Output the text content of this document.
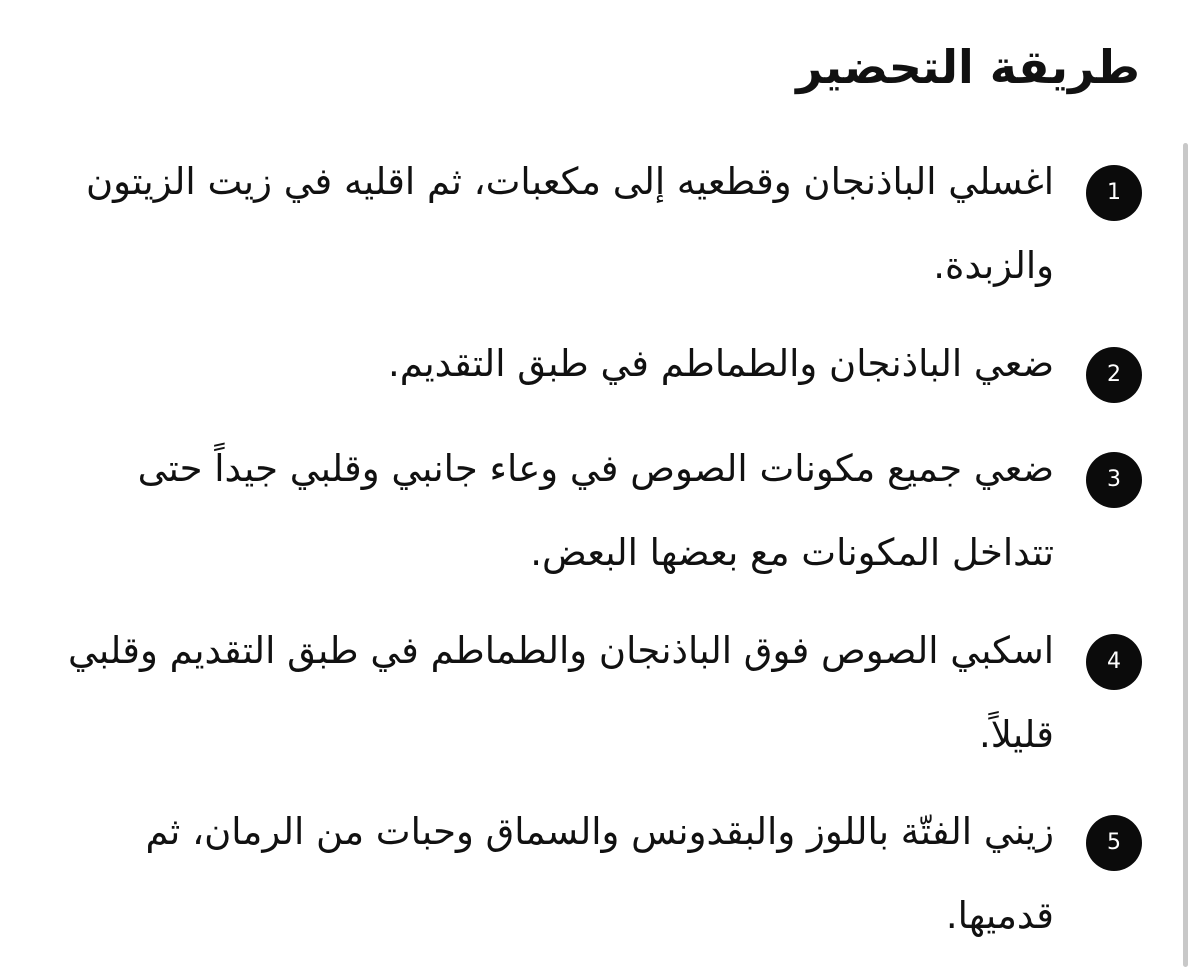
طريقة التحضير
1

اغسلي الباذنجان وقطعيه إلى مكعبات، ثم اقليه في زيت الزيتون والزبدة.

2

ضعي الباذنجان والطماطم في طبق التقديم.

3

ضعي جميع مكونات الصوص في وعاء جانبي وقلبي جيداً حتى تتداخل المكونات مع بعضها البعض.

4

اسكبي الصوص فوق الباذنجان والطماطم في طبق التقديم وقلبي قليلاً.

5

زيني الفتّة باللوز والبقدونس والسماق وحبات من الرمان، ثم قدميها.
